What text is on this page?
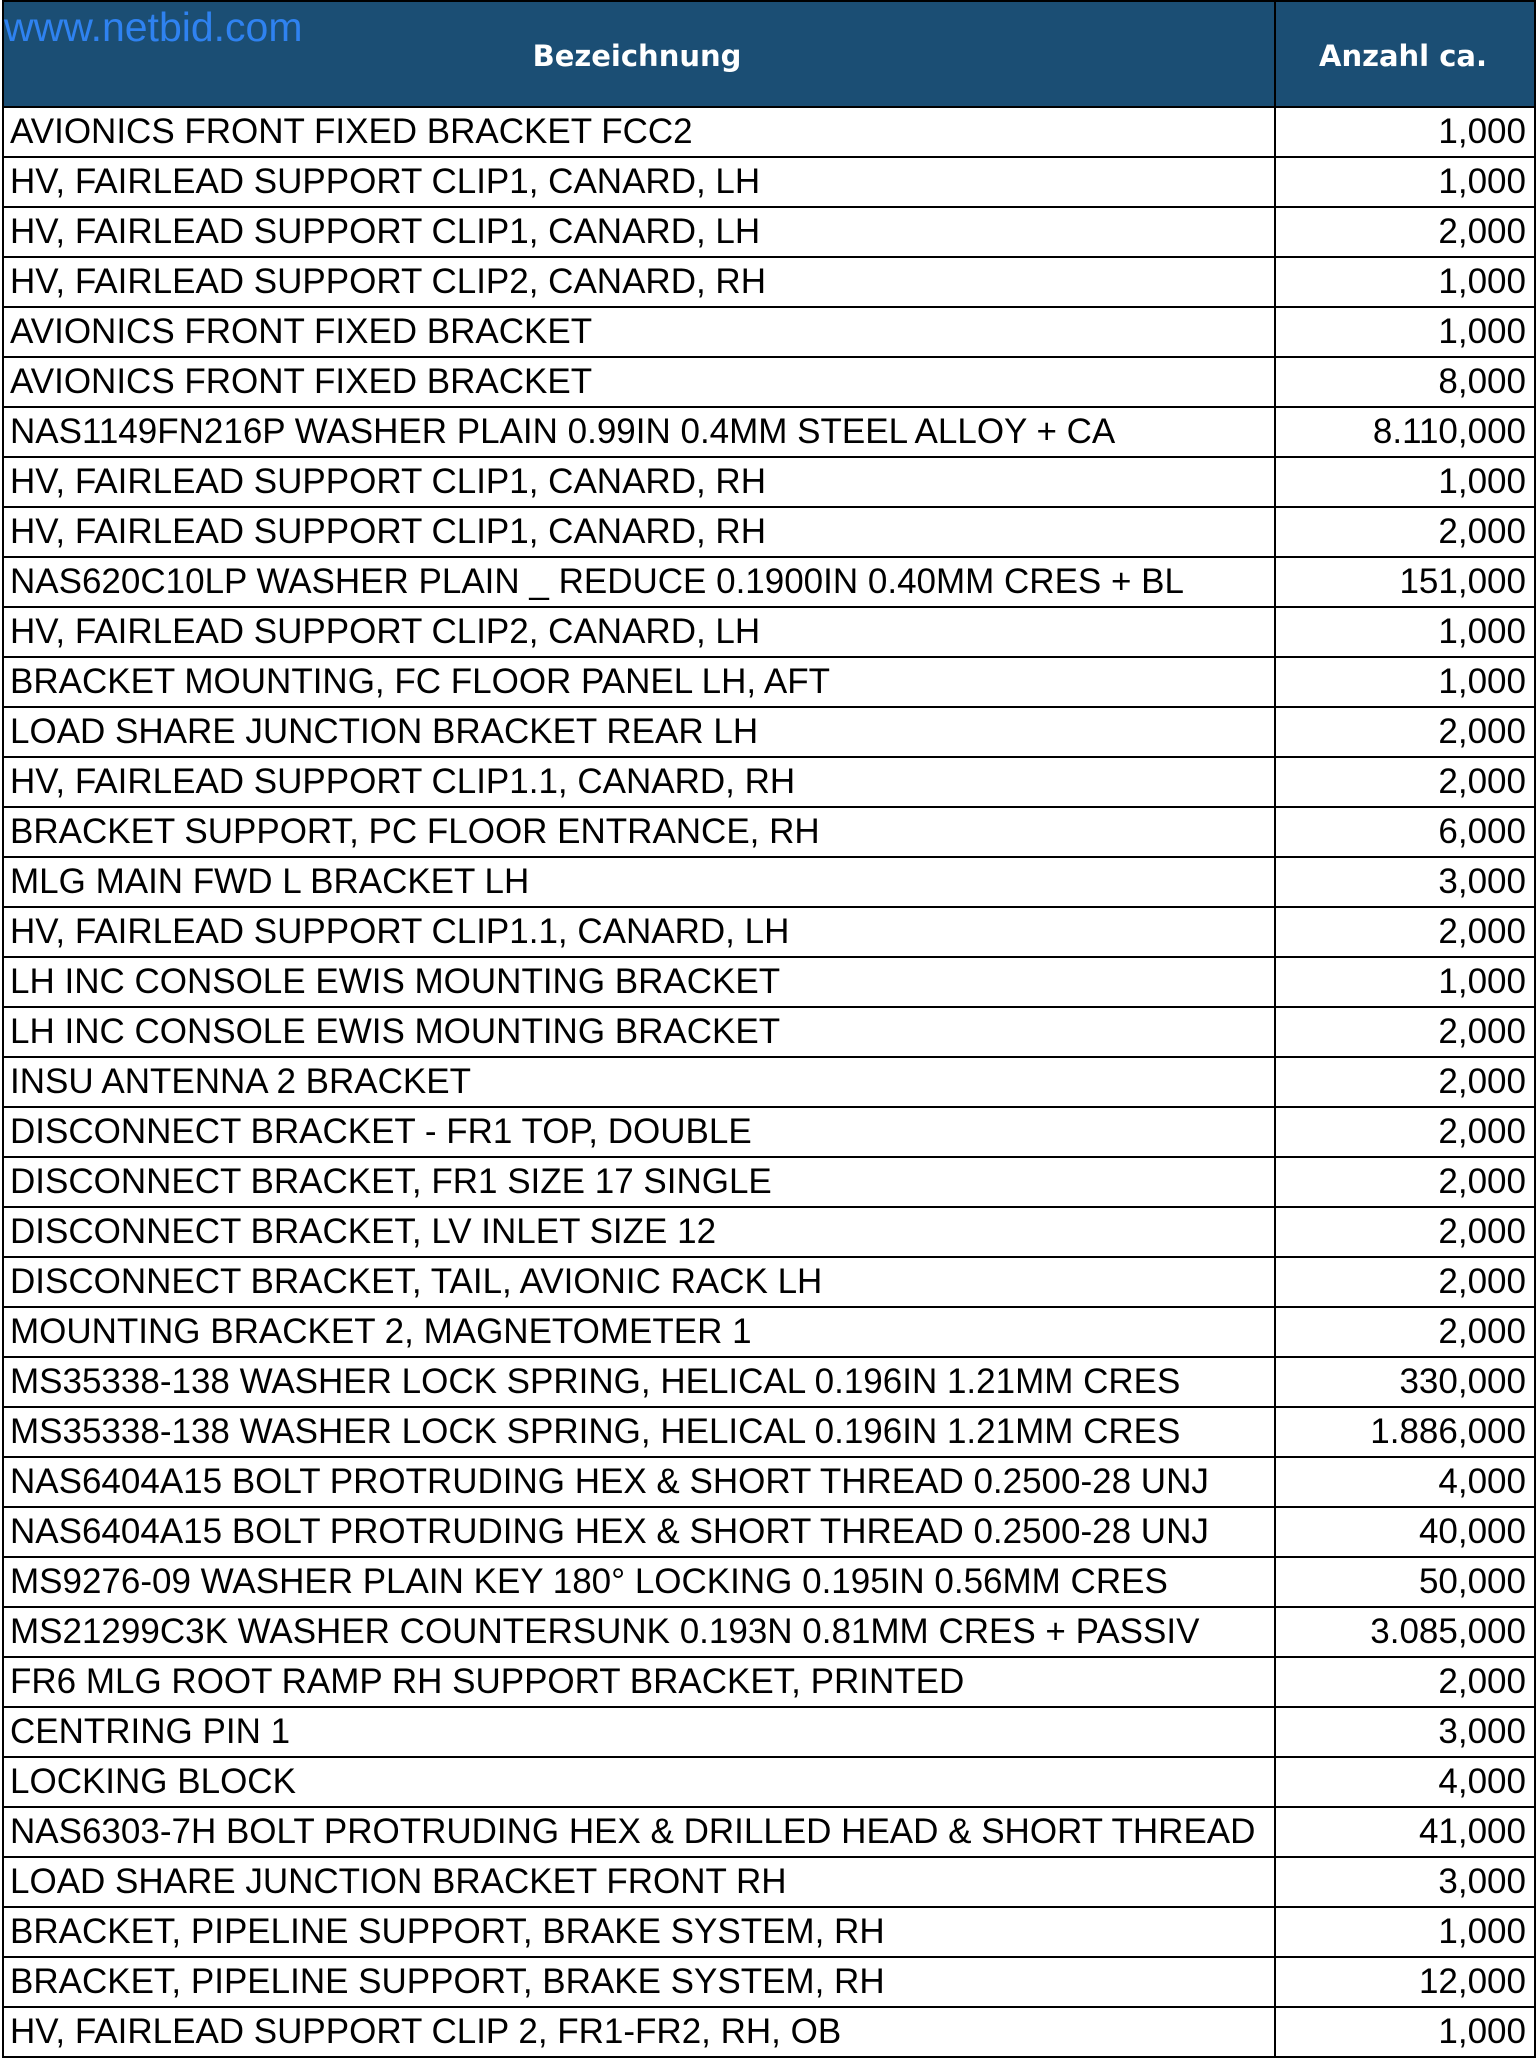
www.netbid.com
Bezeichnung	Anzahl ca.
AVIONICS FRONT FIXED BRACKET FCC2	1,000
HV, FAIRLEAD SUPPORT CLIP1, CANARD, LH	1,000
HV, FAIRLEAD SUPPORT CLIP1, CANARD, LH	2,000
HV, FAIRLEAD SUPPORT CLIP2, CANARD, RH	1,000
AVIONICS FRONT FIXED BRACKET	1,000
AVIONICS FRONT FIXED BRACKET	8,000
NAS1149FN216P WASHER PLAIN 0.99IN 0.4MM STEEL ALLOY + CA	8.110,000
HV, FAIRLEAD SUPPORT CLIP1, CANARD, RH	1,000
HV, FAIRLEAD SUPPORT CLIP1, CANARD, RH	2,000
NAS620C10LP WASHER PLAIN _ REDUCE 0.1900IN 0.40MM CRES + BL	151,000
HV, FAIRLEAD SUPPORT CLIP2, CANARD, LH	1,000
BRACKET MOUNTING, FC FLOOR PANEL LH, AFT	1,000
LOAD SHARE JUNCTION BRACKET REAR LH	2,000
HV, FAIRLEAD SUPPORT CLIP1.1, CANARD, RH	2,000
BRACKET SUPPORT, PC FLOOR ENTRANCE, RH	6,000
MLG MAIN FWD L BRACKET LH	3,000
HV, FAIRLEAD SUPPORT CLIP1.1, CANARD, LH	2,000
LH INC CONSOLE EWIS MOUNTING BRACKET	1,000
LH INC CONSOLE EWIS MOUNTING BRACKET	2,000
INSU ANTENNA 2 BRACKET	2,000
DISCONNECT BRACKET - FR1 TOP, DOUBLE	2,000
DISCONNECT BRACKET, FR1 SIZE 17 SINGLE	2,000
DISCONNECT BRACKET, LV INLET SIZE 12	2,000
DISCONNECT BRACKET, TAIL, AVIONIC RACK LH	2,000
MOUNTING BRACKET 2, MAGNETOMETER 1	2,000
MS35338-138 WASHER LOCK SPRING, HELICAL 0.196IN 1.21MM CRES	330,000
MS35338-138 WASHER LOCK SPRING, HELICAL 0.196IN 1.21MM CRES	1.886,000
NAS6404A15 BOLT PROTRUDING HEX & SHORT THREAD 0.2500-28 UNJ	4,000
NAS6404A15 BOLT PROTRUDING HEX & SHORT THREAD 0.2500-28 UNJ	40,000
MS9276-09 WASHER PLAIN KEY 180° LOCKING 0.195IN 0.56MM CRES	50,000
MS21299C3K WASHER COUNTERSUNK 0.193N 0.81MM CRES + PASSIV	3.085,000
FR6 MLG ROOT RAMP RH SUPPORT BRACKET, PRINTED	2,000
CENTRING PIN 1	3,000
LOCKING BLOCK	4,000
NAS6303-7H BOLT PROTRUDING HEX & DRILLED HEAD & SHORT THREAD	41,000
LOAD SHARE JUNCTION BRACKET FRONT RH	3,000
BRACKET, PIPELINE SUPPORT, BRAKE SYSTEM, RH	1,000
BRACKET, PIPELINE SUPPORT, BRAKE SYSTEM, RH	12,000
HV, FAIRLEAD SUPPORT CLIP 2, FR1-FR2, RH, OB	1,000
